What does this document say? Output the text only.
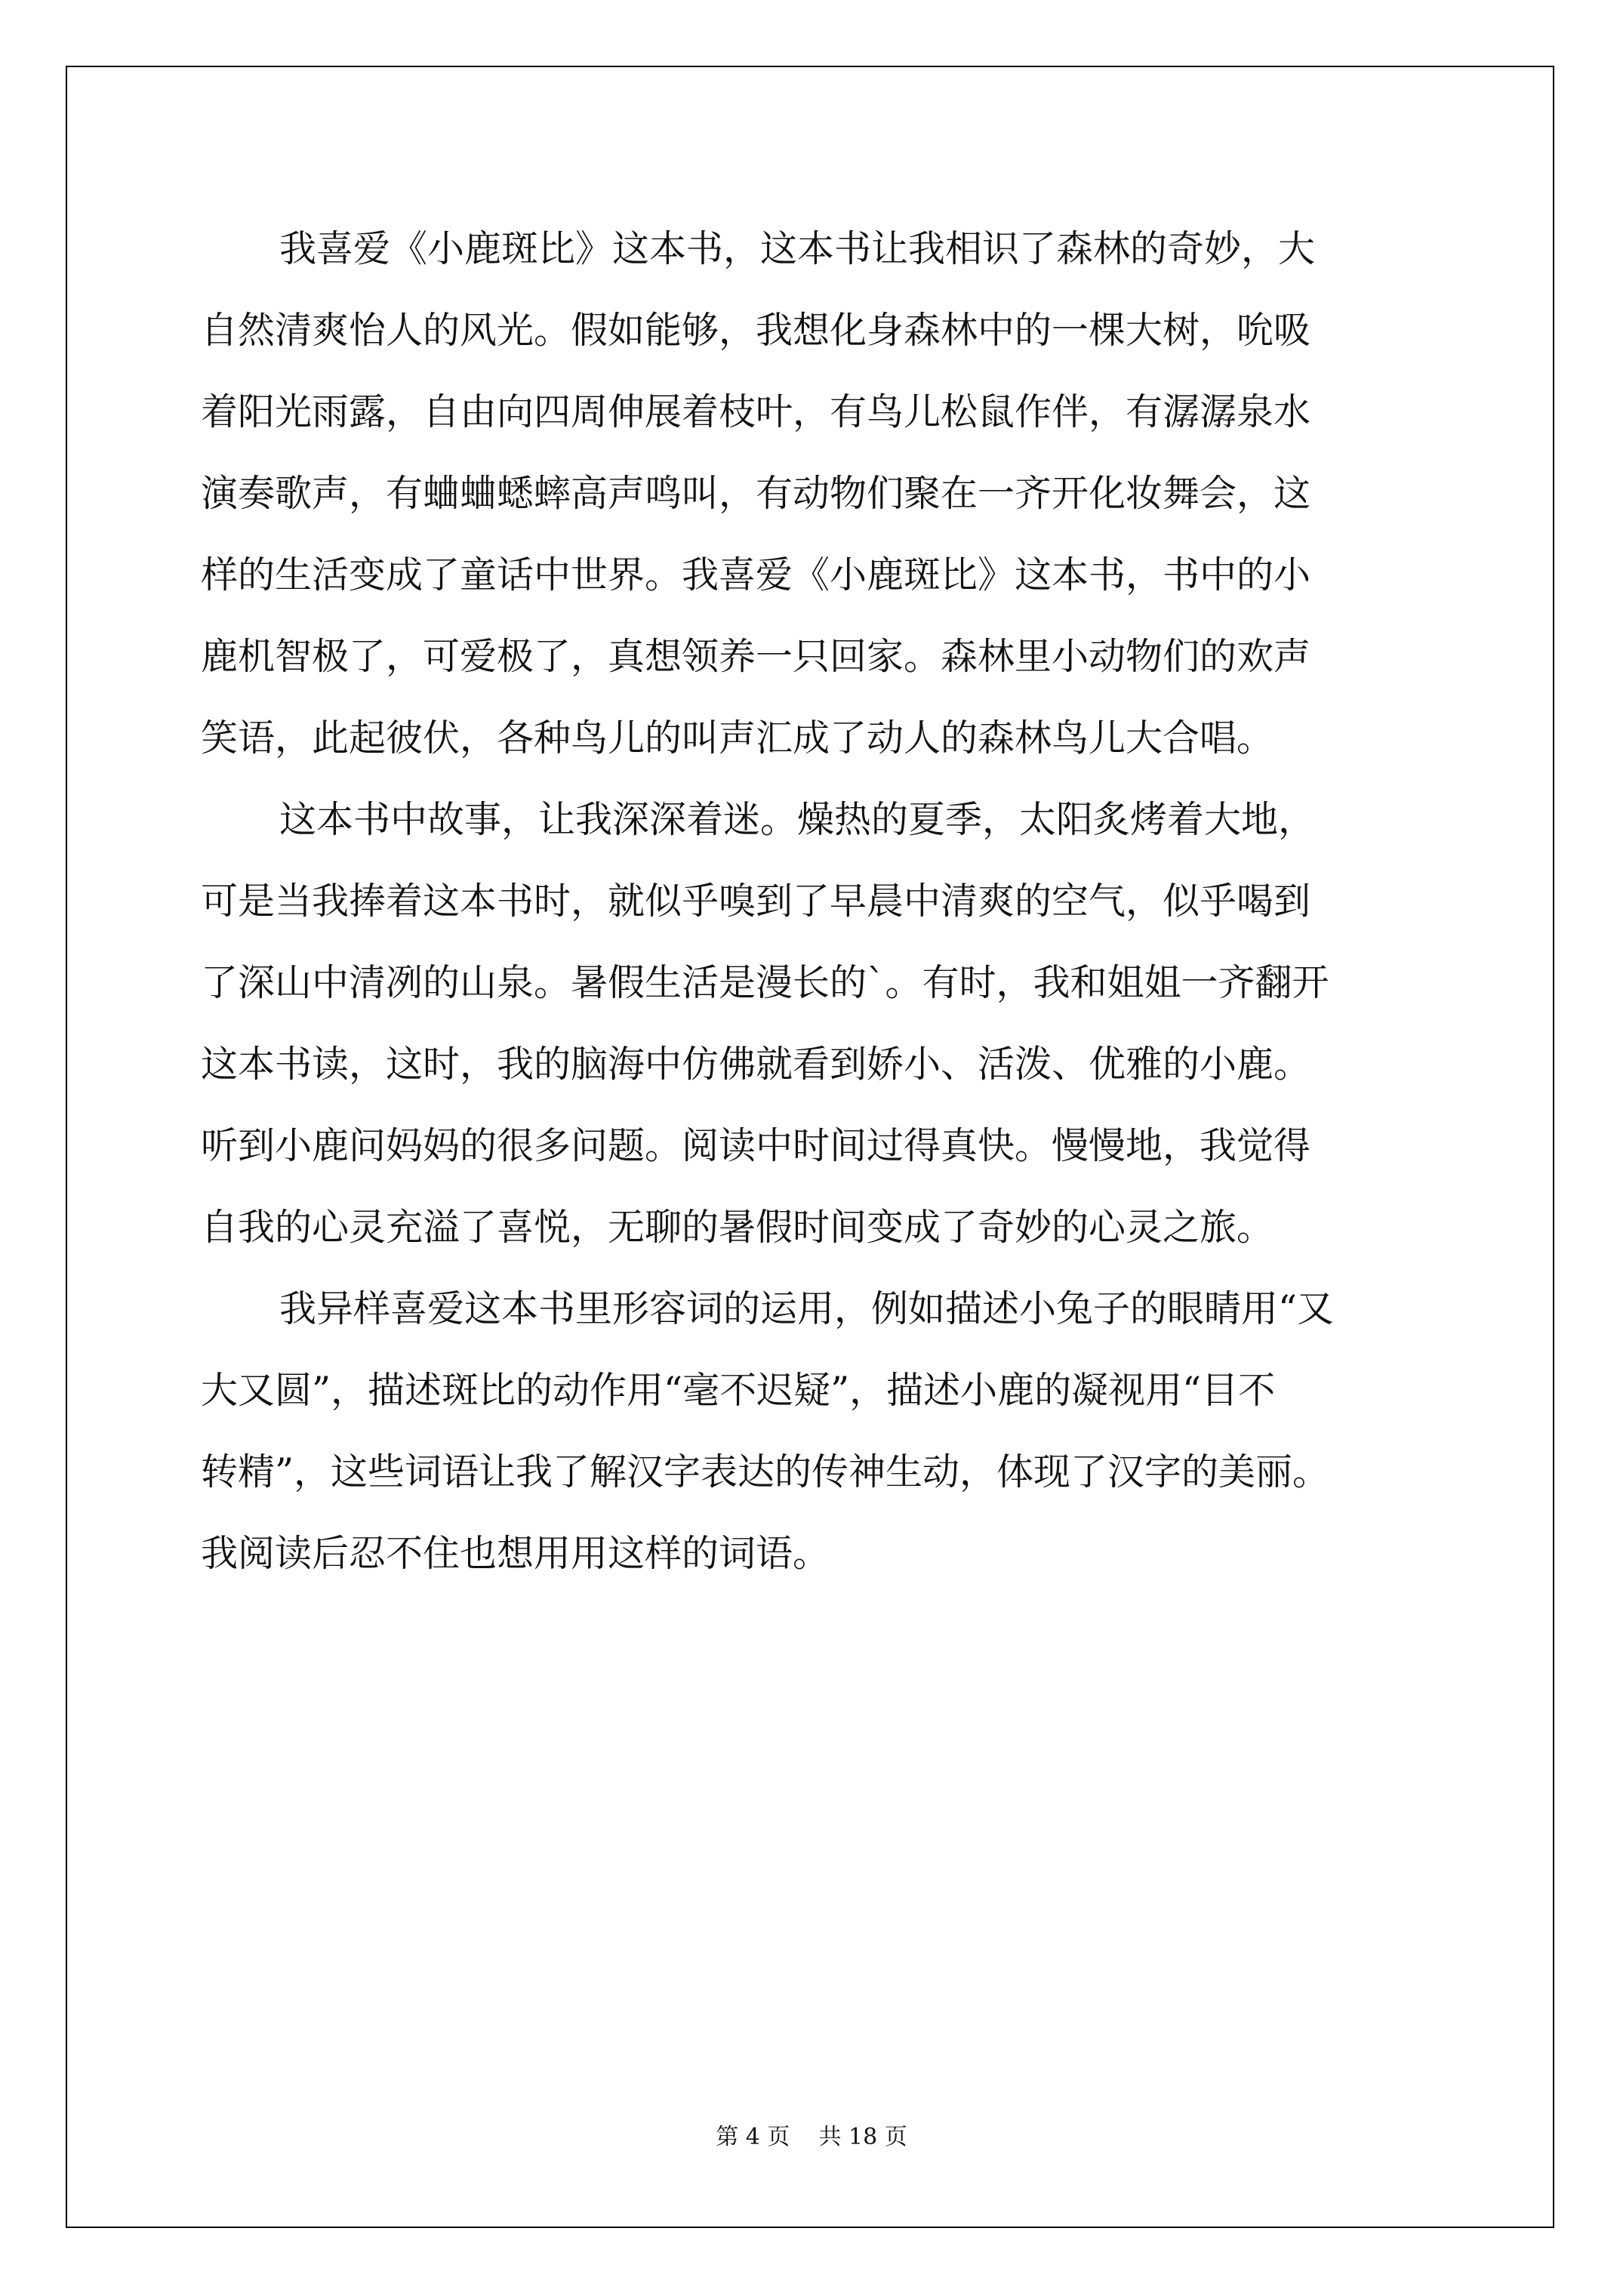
我喜爱《小鹿斑比》这本书，这本书让我相识了森林的奇妙，大
自然清爽怡人的风光。假如能够，我想化身森林中的一棵大树，吮吸
着阳光雨露，自由向四周伸展着枝叶，有鸟儿松鼠作伴，有潺潺泉水
演奏歌声，有蛐蛐蟋蟀高声鸣叫，有动物们聚在一齐开化妆舞会，这
样的生活变成了童话中世界。我喜爱《小鹿斑比》这本书，书中的小
鹿机智极了，可爱极了，真想领养一只回家。森林里小动物们的欢声
笑语，此起彼伏，各种鸟儿的叫声汇成了动人的森林鸟儿大合唱。
这本书中故事，让我深深着迷。燥热的夏季，太阳炙烤着大地，
可是当我捧着这本书时，就似乎嗅到了早晨中清爽的空气，似乎喝到
了深山中清冽的山泉。暑假生活是漫长的`。有时，我和姐姐一齐翻开
这本书读，这时，我的脑海中仿佛就看到娇小、活泼、优雅的小鹿。
听到小鹿问妈妈的很多问题。阅读中时间过得真快。慢慢地，我觉得
自我的心灵充溢了喜悦，无聊的暑假时间变成了奇妙的心灵之旅。
我异样喜爱这本书里形容词的运用，例如描述小兔子的眼睛用“又
大又圆”，描述斑比的动作用“毫不迟疑”，描述小鹿的凝视用“目不
转精”，这些词语让我了解汉字表达的传神生动，体现了汉字的美丽。
我阅读后忍不住也想用用这样的词语。
第 4 页    共 18 页
